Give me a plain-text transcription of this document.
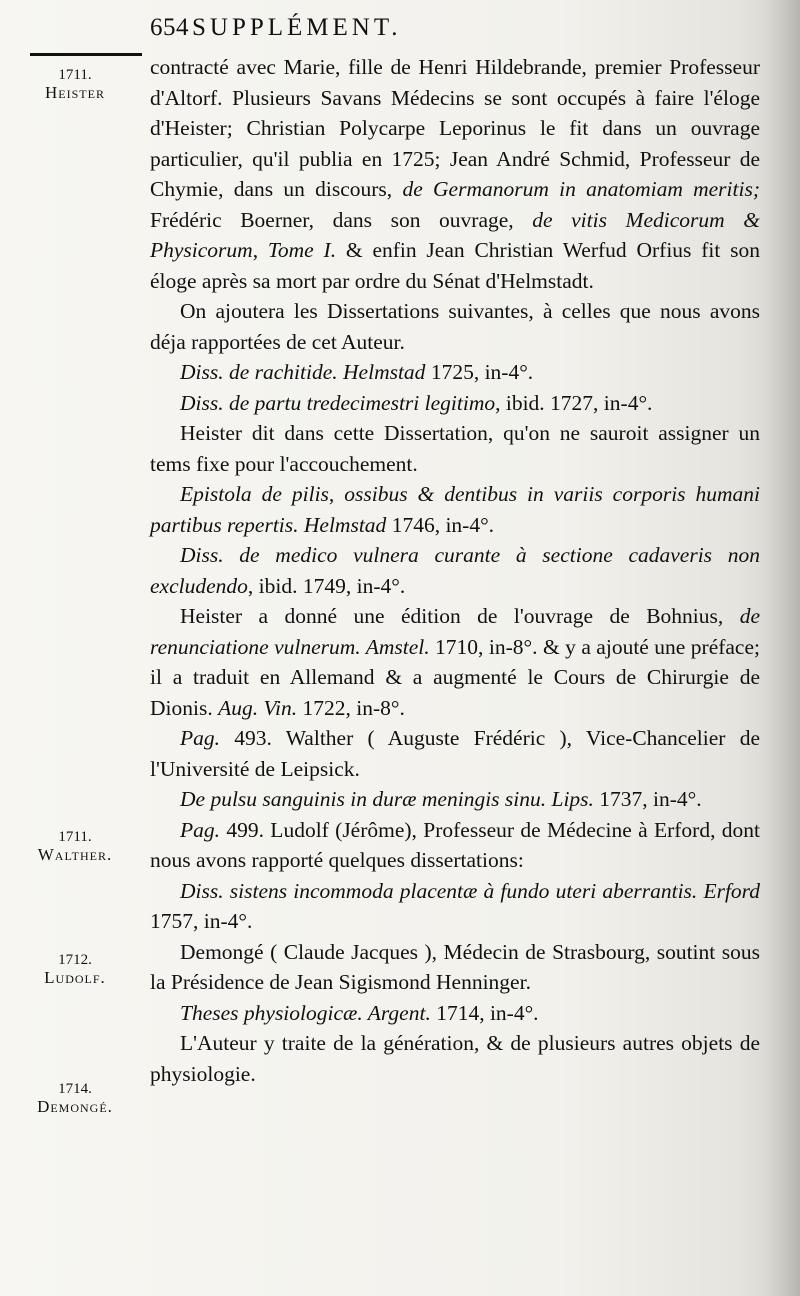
654 SUPPLÉMENT.
1711.
Heister
1711.
Walther.
1712.
Ludolf.
1714.
Demongé.

contracté avec Marie, fille de Henri Hildebrande, premier Professeur d'Altorf. Plusieurs Savans Médecins se sont occupés à faire l'éloge d'Heister; Christian Polycarpe Leporinus le fit dans un ouvrage particulier, qu'il publia en 1725; Jean André Schmid, Professeur de Chymie, dans un discours, de Germanorum in anatomiam meritis; Frédéric Boerner, dans son ouvrage, de vitis Medicorum & Physicorum, Tome I. & enfin Jean Christian Werfud Orfius fit son éloge après sa mort par ordre du Sénat d'Helmstadt.

On ajoutera les Dissertations suivantes, à celles que nous avons déja rapportées de cet Auteur.

Diss. de rachitide. Helmstad 1725, in-4°.

Diss. de partu tredecimestri legitimo, ibid. 1727, in-4°.

Heister dit dans cette Dissertation, qu'on ne sauroit assigner un tems fixe pour l'accouchement.

Epistola de pilis, ossibus & dentibus in variis corporis humani partibus repertis. Helmstad 1746, in-4°.

Diss. de medico vulnera curante à sectione cadaveris non excludendo, ibid. 1749, in-4°.

Heister a donné une édition de l'ouvrage de Bohnius, de renunciatione vulnerum. Amstel. 1710, in-8°. & y a ajouté une préface; il a traduit en Allemand & a augmenté le Cours de Chirurgie de Dionis. Aug. Vin. 1722, in-8°.

Pag. 493. Walther ( Auguste Frédéric ), Vice-Chancelier de l'Université de Leipsick.

De pulsu sanguinis in duræ meningis sinu. Lips. 1737, in-4°.

Pag. 499. Ludolf (Jérôme), Professeur de Médecine à Erford, dont nous avons rapporté quelques dissertations:

Diss. sistens incommoda placentæ à fundo uteri aberrantis. Erford 1757, in-4°.

Demongé ( Claude Jacques ), Médecin de Strasbourg, soutint sous la Présidence de Jean Sigismond Henninger.

Theses physiologicæ. Argent. 1714, in-4°.

L'Auteur y traite de la génération, & de plusieurs autres objets de physiologie.
